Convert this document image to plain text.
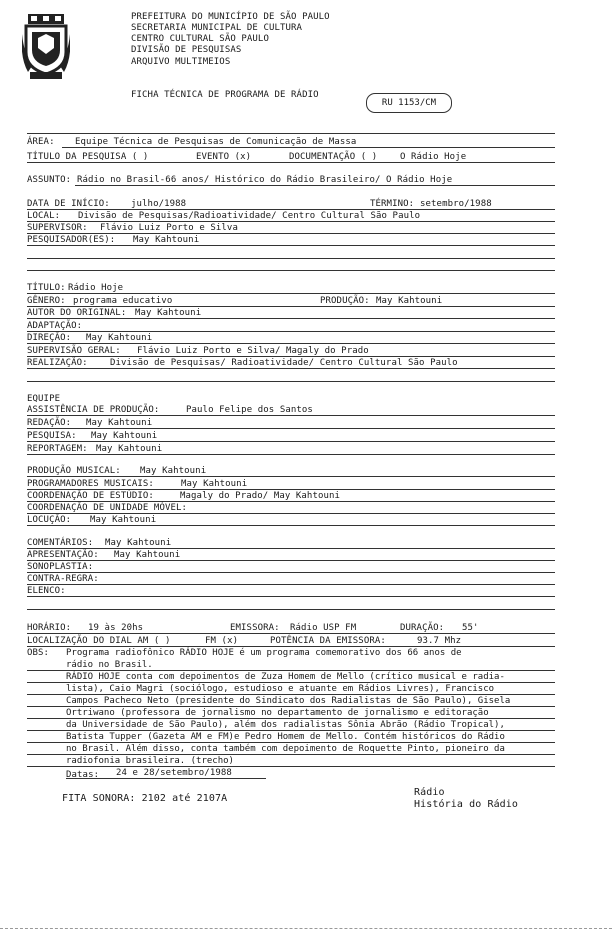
PREFEITURA DO MUNICÍPIO DE SÃO PAULO
SECRETARIA MUNICIPAL DE CULTURA
CENTRO CULTURAL SÃO PAULO
DIVISÃO DE PESQUISAS
ARQUIVO MULTIMEIOS
FICHA TÉCNICA DE PROGRAMA DE RÁDIO
RU 1153/CM
ÁREA: Equipe Técnica de Pesquisas de Comunicação de Massa
TÍTULO DA PESQUISA ( )	EVENTO (x)	DOCUMENTAÇÃO ( )	O Rádio Hoje
ASSUNTO: Rádio no Brasil-66 anos/ Histórico do Rádio Brasileiro/ O Rádio Hoje
DATA DE INÍCIO: julho/1988	TÉRMINO: setembro/1988
LOCAL: Divisão de Pesquisas/Radioatividade/ Centro Cultural São Paulo
SUPERVISOR: Flávio Luiz Porto e Silva
PESQUISADOR(ES): May Kahtouni
TÍTULO: Rádio Hoje
GÊNERO: programa educativo	PRODUÇÃO: May Kahtouni
AUTOR DO ORIGINAL: May Kahtouni
ADAPTAÇÃO:
DIREÇÃO: May Kahtouni
SUPERVISÃO GERAL: Flávio Luiz Porto e Silva/ Magaly do Prado
REALIZAÇÃO: Divisão de Pesquisas/ Radioatividade/ Centro Cultural São Paulo
EQUIPE
ASSISTÊNCIA DE PRODUÇÃO:	Paulo Felipe dos Santos
REDAÇÃO: May Kahtouni
PESQUISA: May Kahtouni
REPORTAGEM: May Kahtouni
PRODUÇÃO MUSICAL: May Kahtouni
PROGRAMADORES MUSICAIS:	May Kahtouni
COORDENAÇÃO DE ESTÚDIO:	Magaly do Prado/ May Kahtouni
COORDENAÇÃO DE UNIDADE MÓVEL:
LOCUÇÃO: May Kahtouni
COMENTÁRIOS: May Kahtouni
APRESENTAÇÃO: May Kahtouni
SONOPLASTIA:
CONTRA-REGRA:
ELENCO:
HORÁRIO: 19 às 20hs	EMISSORA: Rádio USP FM	DURAÇÃO: 55'
LOCALIZAÇÃO DO DIAL AM ( )	FM (x)	POTÊNCIA DA EMISSORA:	93.7 Mhz
OBS: Programa radiofônico RÁDIO HOJE é um programa comemorativo dos 66 anos de
rádio no Brasil.
RÁDIO HOJE conta com depoimentos de Zuza Homem de Mello (crítico musical e radia-
lista), Caio Magri (sociólogo, estudioso e atuante em Rádios Livres), Francisco
Campos Pacheco Neto (presidente do Sindicato dos Radialistas de São Paulo), Gisela
Ortriwano (professora de jornalismo no departamento de jornalismo e editoração
da Universidade de São Paulo), além dos radialistas Sônia Abrão (Rádio Tropical),
Batista Tupper (Gazeta AM e FM)e Pedro Homem de Mello. Contém históricos do Rádio
no Brasil. Além disso, conta também com depoimento de Roquette Pinto, pioneiro da
radiofonia brasileira. (trecho)
Datas: 24 e 28/setembro/1988
FITA SONORA: 2102 até 2107A
Rádio
História do Rádio
